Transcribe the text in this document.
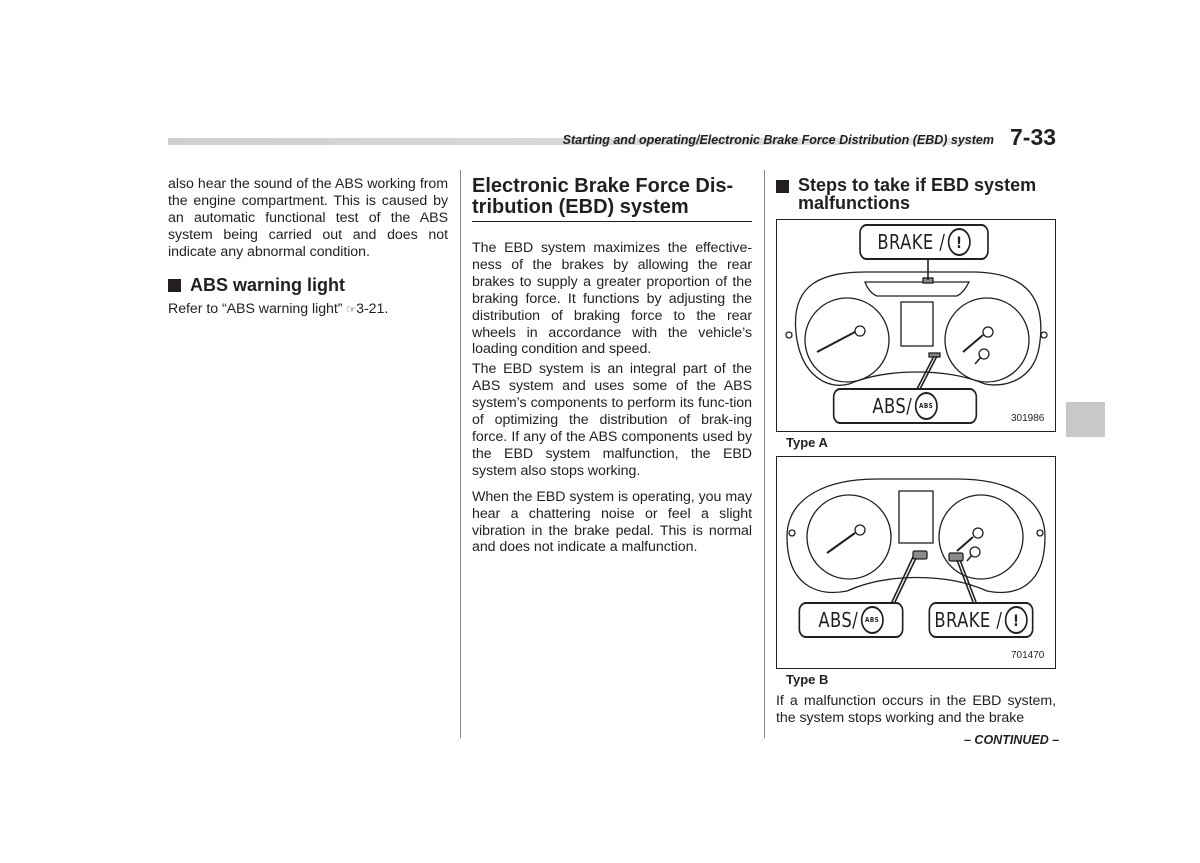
Starting and operating/Electronic Brake Force Distribution (EBD) system 7-33

also hear the sound of the ABS working from the engine compartment. This is caused by an automatic functional test of the ABS system being carried out and does not indicate any abnormal condition.

ABS warning light

Refer to “ABS warning light” ☞3-21.

Electronic Brake Force Dis-
tribution (EBD) system

The EBD system maximizes the effective-ness of the brakes by allowing the rear brakes to supply a greater proportion of the braking force. It functions by adjusting the distribution of braking force to the rear wheels in accordance with the vehicle’s loading condition and speed.

The EBD system is an integral part of the ABS system and uses some of the ABS system’s components to perform its func-tion of optimizing the distribution of brak-ing force. If any of the ABS components used by the EBD system malfunction, the EBD system also stops working.

When the EBD system is operating, you may hear a chattering noise or feel a slight vibration in the brake pedal. This is normal and does not indicate a malfunction.

Steps to take if EBD system
malfunctions
BRAKE / !
ABS/ ABS
301986
Type A
ABS/ ABS	BRAKE / !
701470
Type B

If a malfunction occurs in the EBD system, the system stops working and the brake

– CONTINUED –
